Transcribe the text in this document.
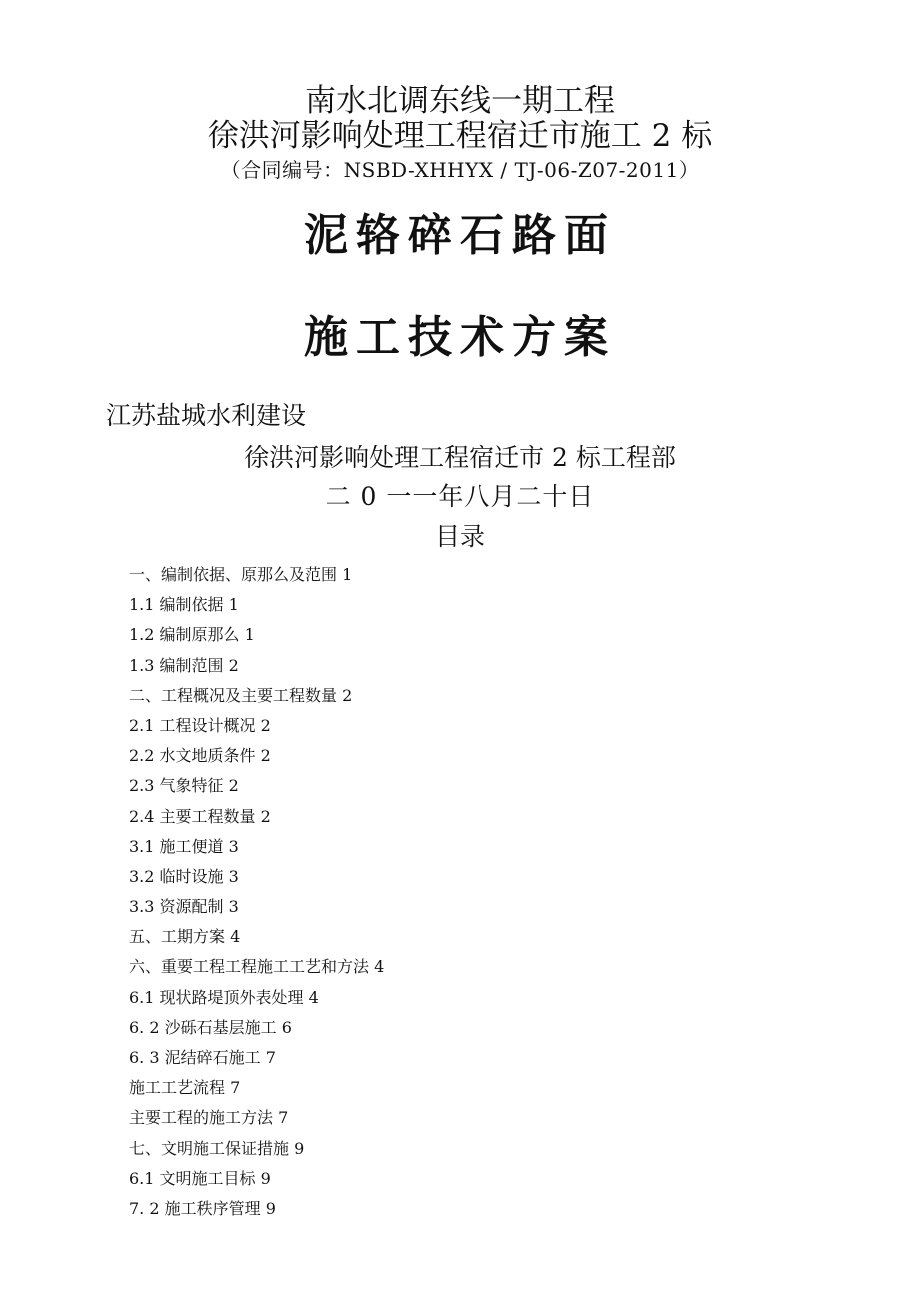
南水北调东线一期工程
徐洪河影响处理工程宿迁市施工 2 标
（合同编号：NSBD-XHHYX / TJ-06-Z07-2011）
泥辂碎石路面
施工技术方案
江苏盐城水利建设
徐洪河影响处理工程宿迁市 2 标工程部
二 0 一一年八月二十日
目录
一、编制依据、原那么及范围 1
1.1 编制依据 1
1.2 编制原那么 1
1.3 编制范围 2
二、工程概况及主要工程数量 2
2.1 工程设计概况 2
2.2 水文地质条件 2
2.3 气象特征 2
2.4 主要工程数量 2
3.1 施工便道 3
3.2 临时设施 3
3.3 资源配制 3
五、工期方案 4
六、重要工程工程施工工艺和方法 4
6.1 现状路堤顶外表处理 4
6. 2 沙砾石基层施工 6
6. 3 泥结碎石施工 7
施工工艺流程 7
主要工程的施工方法 7
七、文明施工保证措施 9
6.1 文明施工目标 9
7. 2 施工秩序管理 9
